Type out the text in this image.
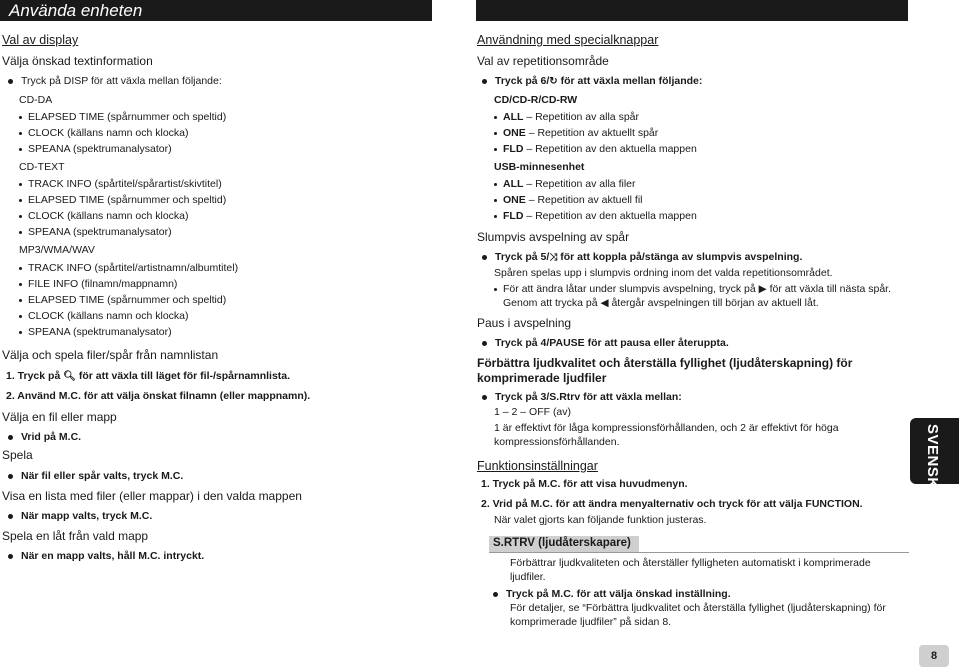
Använda enheten
Val av display
Välja önskad textinformation
Tryck på DISP för att växla mellan följande:
CD-DA
ELAPSED TIME (spårnummer och speltid)
CLOCK (källans namn och klocka)
SPEANA (spektrumanalysator)
CD-TEXT
TRACK INFO (spårtitel/spårartist/skivtitel)
ELAPSED TIME (spårnummer och speltid)
CLOCK (källans namn och klocka)
SPEANA (spektrumanalysator)
MP3/WMA/WAV
TRACK INFO (spårtitel/artistnamn/albumtitel)
FILE INFO (filnamn/mappnamn)
ELAPSED TIME (spårnummer och speltid)
CLOCK (källans namn och klocka)
SPEANA (spektrumanalysator)
Välja och spela filer/spår från namnlistan
1. Tryck på 🔍︎ för att växla till läget för fil-/spårnamnlista.
2. Använd M.C. för att välja önskat filnamn (eller mappnamn).
Välja en fil eller mapp
Vrid på M.C.
Spela
När fil eller spår valts, tryck M.C.
Visa en lista med filer (eller mappar) i den valda mappen
När mapp valts, tryck M.C.
Spela en låt från vald mapp
När en mapp valts, håll M.C. intryckt.
Användning med specialknappar
Val av repetitionsområde
Tryck på 6/↻ för att växla mellan följande:
CD/CD-R/CD-RW
ALL – Repetition av alla spår
ONE – Repetition av aktuellt spår
FLD – Repetition av den aktuella mappen
USB-minnesenhet
ALL – Repetition av alla filer
ONE – Repetition av aktuell fil
FLD – Repetition av den aktuella mappen
Slumpvis avspelning av spår
Tryck på 5/⤨ för att koppla på/stänga av slumpvis avspelning.
Spåren spelas upp i slumpvis ordning inom det valda repetitionsområdet.
För att ändra låtar under slumpvis avspelning, tryck på ▶ för att växla till nästa spår.
Genom att trycka på ◀ återgår avspelningen till början av aktuell låt.
Paus i avspelning
Tryck på 4/PAUSE för att pausa eller återuppta.
Förbättra ljudkvalitet och återställa fyllighet (ljudåterskapning) för
komprimerade ljudfiler
Tryck på 3/S.Rtrv för att växla mellan:
1 – 2 – OFF (av)
1 är effektivt för låga kompressionsförhållanden, och 2 är effektivt för höga
kompressionsförhållanden.
Funktionsinställningar
1. Tryck på M.C. för att visa huvudmenyn.
2. Vrid på M.C. för att ändra menyalternativ och tryck för att välja FUNCTION.
När valet gjorts kan följande funktion justeras.
S.RTRV (ljudåterskapare)
Förbättrar ljudkvaliteten och återställer fylligheten automatiskt i komprimerade
ljudfiler.
Tryck på M.C. för att välja önskad inställning.
För detaljer, se “Förbättra ljudkvalitet och återställa fyllighet (ljudåterskapning) för
komprimerade ljudfiler” på sidan 8.
SVENSKA
8
